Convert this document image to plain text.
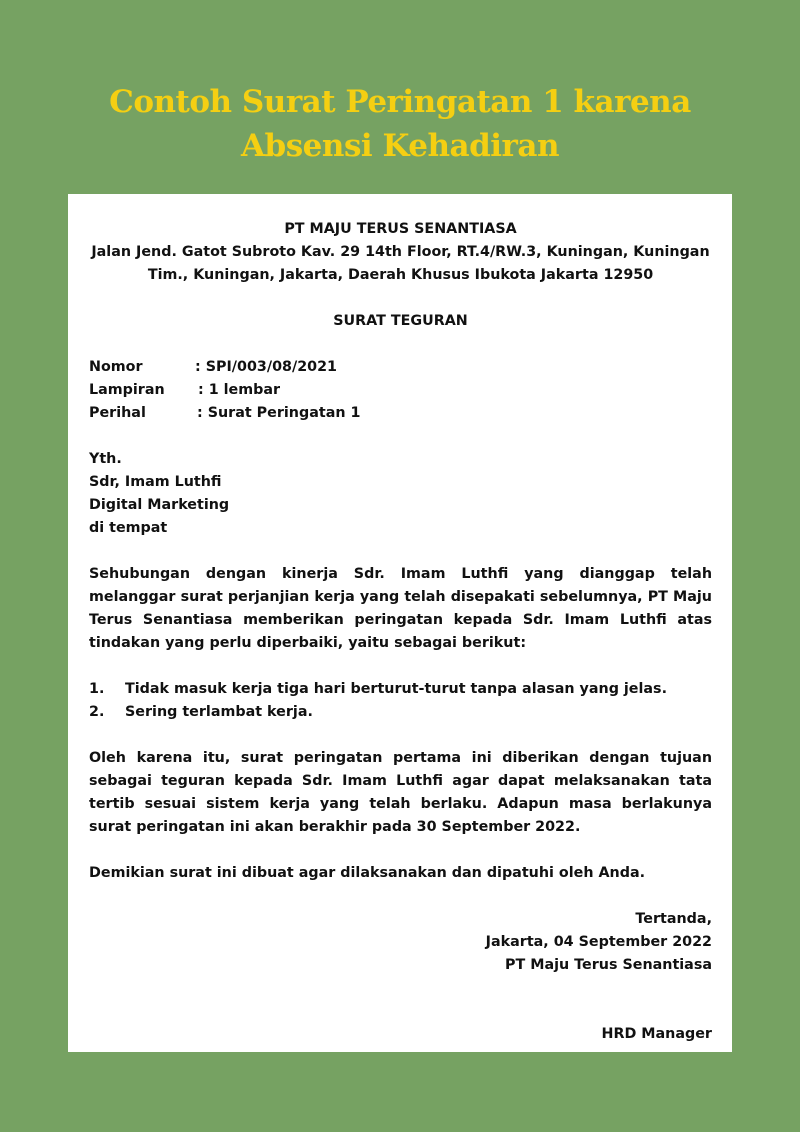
Contoh Surat Peringatan 1 karena
Absensi Kehadiran
PT MAJU TERUS SENANTIASA
Jalan Jend. Gatot Subroto Kav. 29 14th Floor, RT.4/RW.3, Kuningan, Kuningan
Tim., Kuningan, Jakarta, Daerah Khusus Ibukota Jakarta 12950
SURAT TEGURAN
Nomor	: SPI/003/08/2021
Lampiran	: 1 lembar
Perihal	: Surat Peringatan 1
Yth.
Sdr, Imam Luthfi
Digital Marketing
di tempat

Sehubungan dengan kinerja Sdr. Imam Luthfi yang dianggap telah melanggar surat perjanjian kerja yang telah disepakati sebelumnya, PT Maju Terus Senantiasa memberikan peringatan kepada Sdr. Imam Luthfi atas tindakan yang perlu diperbaiki, yaitu sebagai berikut:

1.	Tidak masuk kerja tiga hari berturut-turut tanpa alasan yang jelas.
2.	Sering terlambat kerja.

Oleh karena itu, surat peringatan pertama ini diberikan dengan tujuan sebagai teguran kepada Sdr. Imam Luthfi agar dapat melaksanakan tata tertib sesuai sistem kerja yang telah berlaku. Adapun masa berlakunya surat peringatan ini akan berakhir pada 30 September 2022.

Demikian surat ini dibuat agar dilaksanakan dan dipatuhi oleh Anda.

Tertanda,
Jakarta, 04 September 2022
PT Maju Terus Senantiasa
HRD Manager
